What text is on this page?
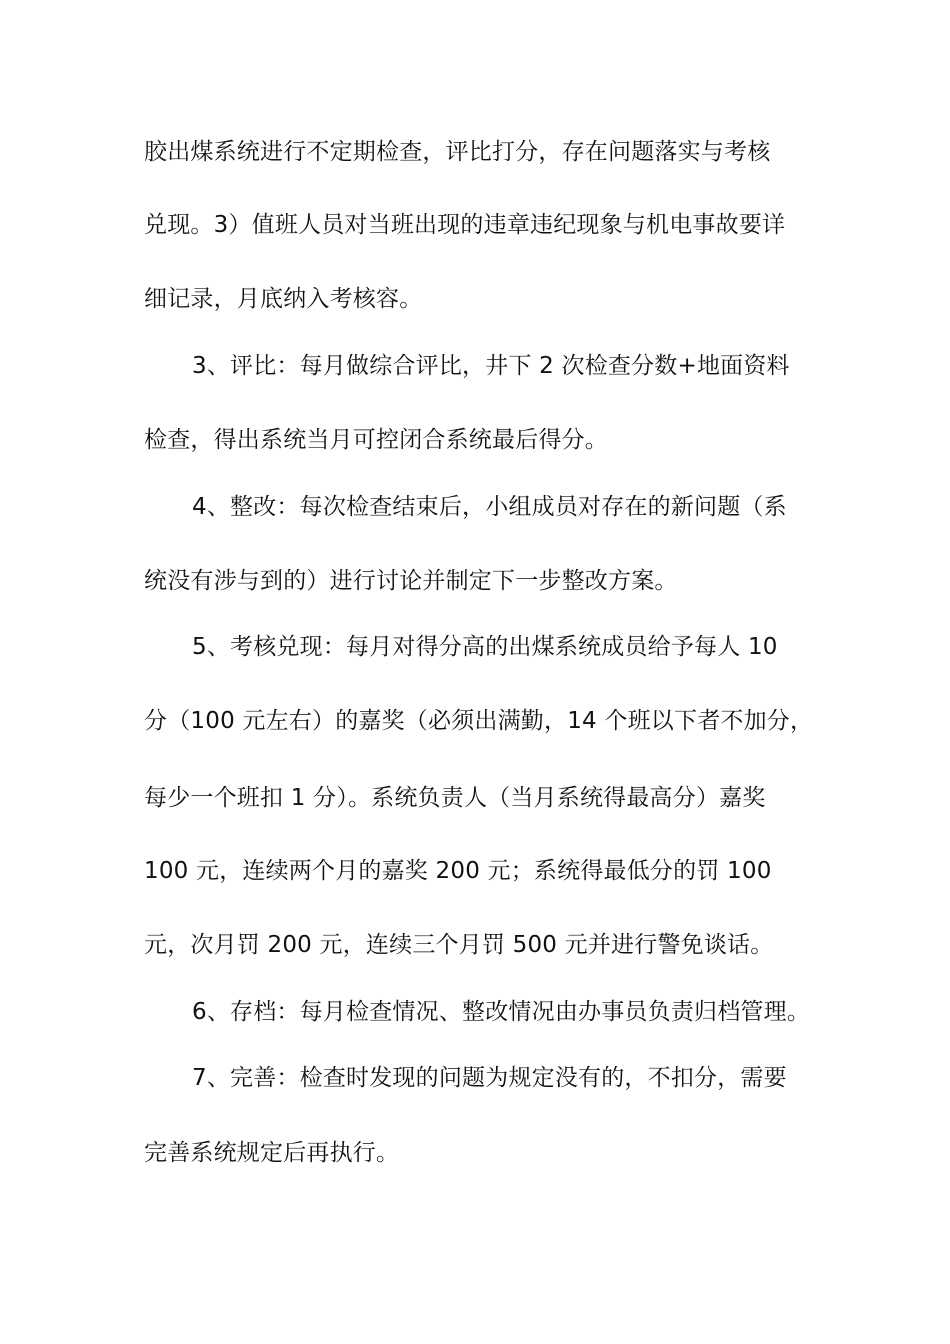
胶出煤系统进行不定期检查，评比打分，存在问题落实与考核
兑现。3）值班人员对当班出现的违章违纪现象与机电事故要详
细记录，月底纳入考核容。
3、评比：每月做综合评比，井下 2 次检查分数+地面资料
检查，得出系统当月可控闭合系统最后得分。
4、整改：每次检查结束后，小组成员对存在的新问题（系
统没有涉与到的）进行讨论并制定下一步整改方案。
5、考核兑现：每月对得分高的出煤系统成员给予每人 10
分（100 元左右）的嘉奖（必须出满勤，14 个班以下者不加分，
每少一个班扣 1 分）。系统负责人（当月系统得最高分）嘉奖
100 元，连续两个月的嘉奖 200 元；系统得最低分的罚 100
元，次月罚 200 元，连续三个月罚 500 元并进行警免谈话。
6、存档：每月检查情况、整改情况由办事员负责归档管理。
7、完善：检查时发现的问题为规定没有的，不扣分，需要
完善系统规定后再执行。
